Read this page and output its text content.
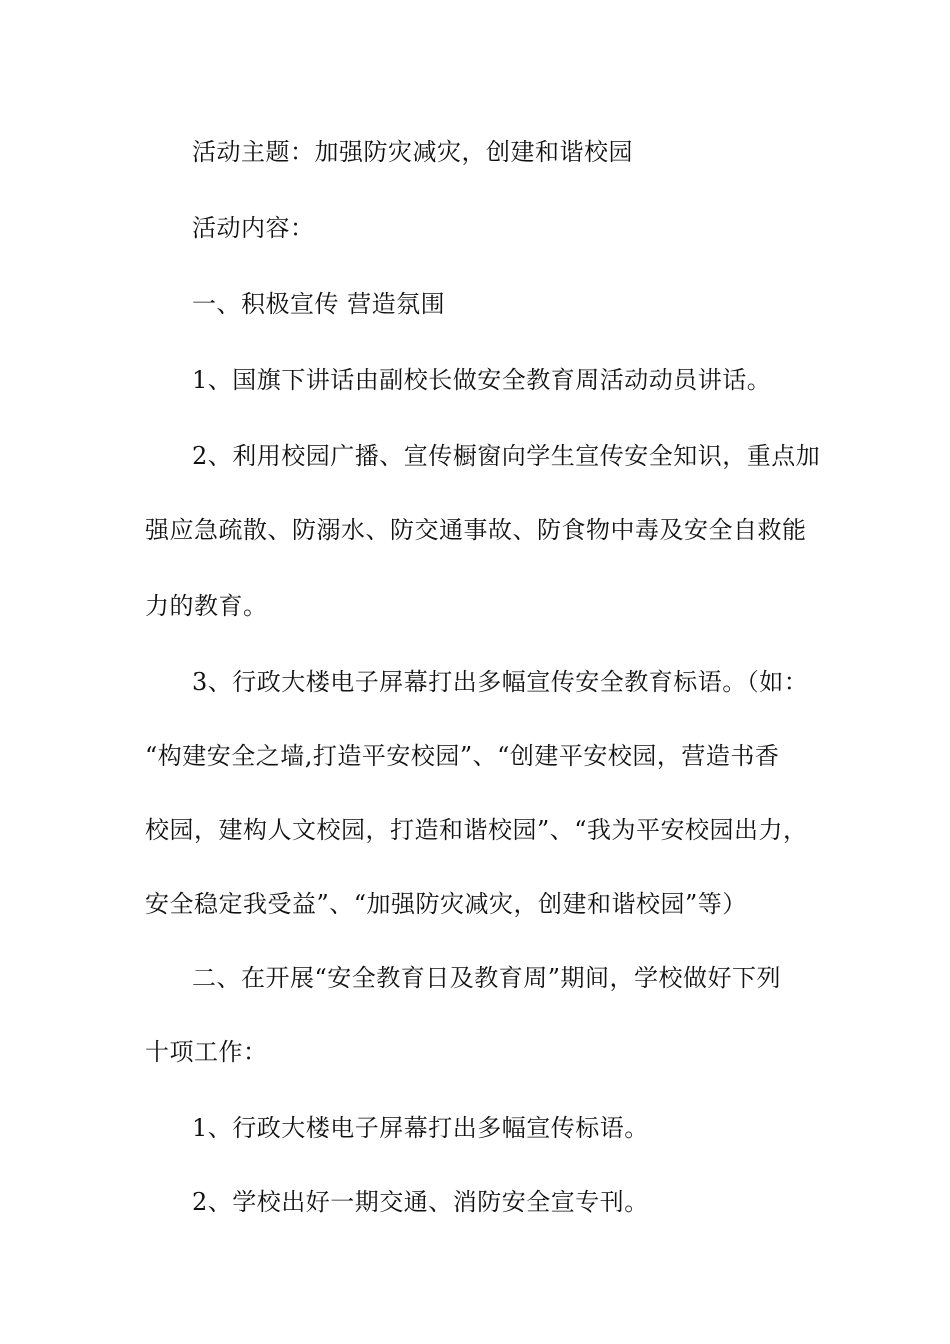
活动主题：加强防灾减灾，创建和谐校园
活动内容：
一、积极宣传 营造氛围
1、国旗下讲话由副校长做安全教育周活动动员讲话。
2、利用校园广播、宣传橱窗向学生宣传安全知识，重点加
强应急疏散、防溺水、防交通事故、防食物中毒及安全自救能
力的教育。
3、行政大楼电子屏幕打出多幅宣传安全教育标语。（如：
“构建安全之墙,打造平安校园”、“创建平安校园，营造书香
校园，建构人文校园，打造和谐校园”、“我为平安校园出力，
安全稳定我受益”、“加强防灾减灾，创建和谐校园”等）
二、在开展“安全教育日及教育周”期间，学校做好下列
十项工作：
1、行政大楼电子屏幕打出多幅宣传标语。
2、学校出好一期交通、消防安全宣专刊。
